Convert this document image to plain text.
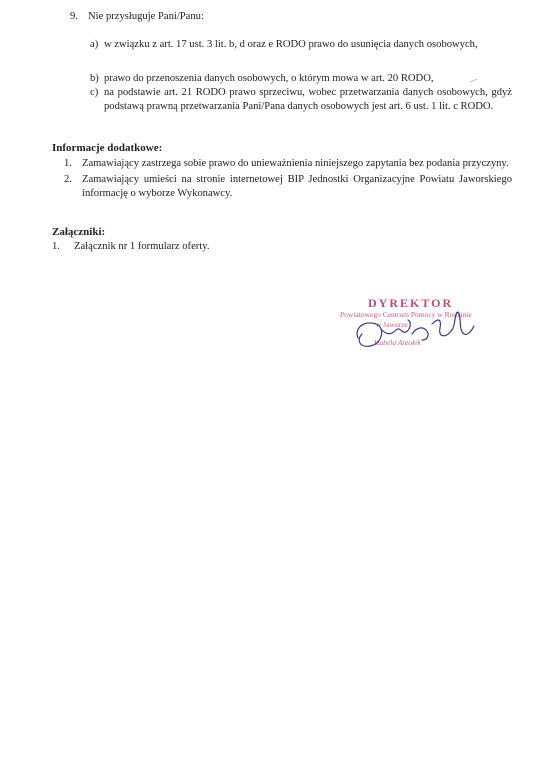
9. Nie przysługuje Pani/Panu:
a) w związku z art. 17 ust. 3 lit. b, d oraz e RODO prawo do usunięcia danych osobowych,
b) prawo do przenoszenia danych osobowych, o którym mowa w art. 20 RODO,
c) na podstawie art. 21 RODO prawo sprzeciwu, wobec przetwarzania danych osobowych, gdyż podstawą prawną przetwarzania Pani/Pana danych osobowych jest art. 6 ust. 1 lit. c RODO.
Informacje dodatkowe:
1. Zamawiający zastrzega sobie prawo do unieważnienia niniejszego zapytania bez podania przyczyny.
2. Zamawiający umieści na stronie internetowej BIP Jednostki Organizacyjne Powiatu Jaworskiego informację o wyborze Wykonawcy.
Załączniki:
1. Załącznik nr 1 formularz oferty.
DYREKTOR
Powiatowego Centrum Pomocy w Rodzinie
w Jaworze
Izabela Antołek
